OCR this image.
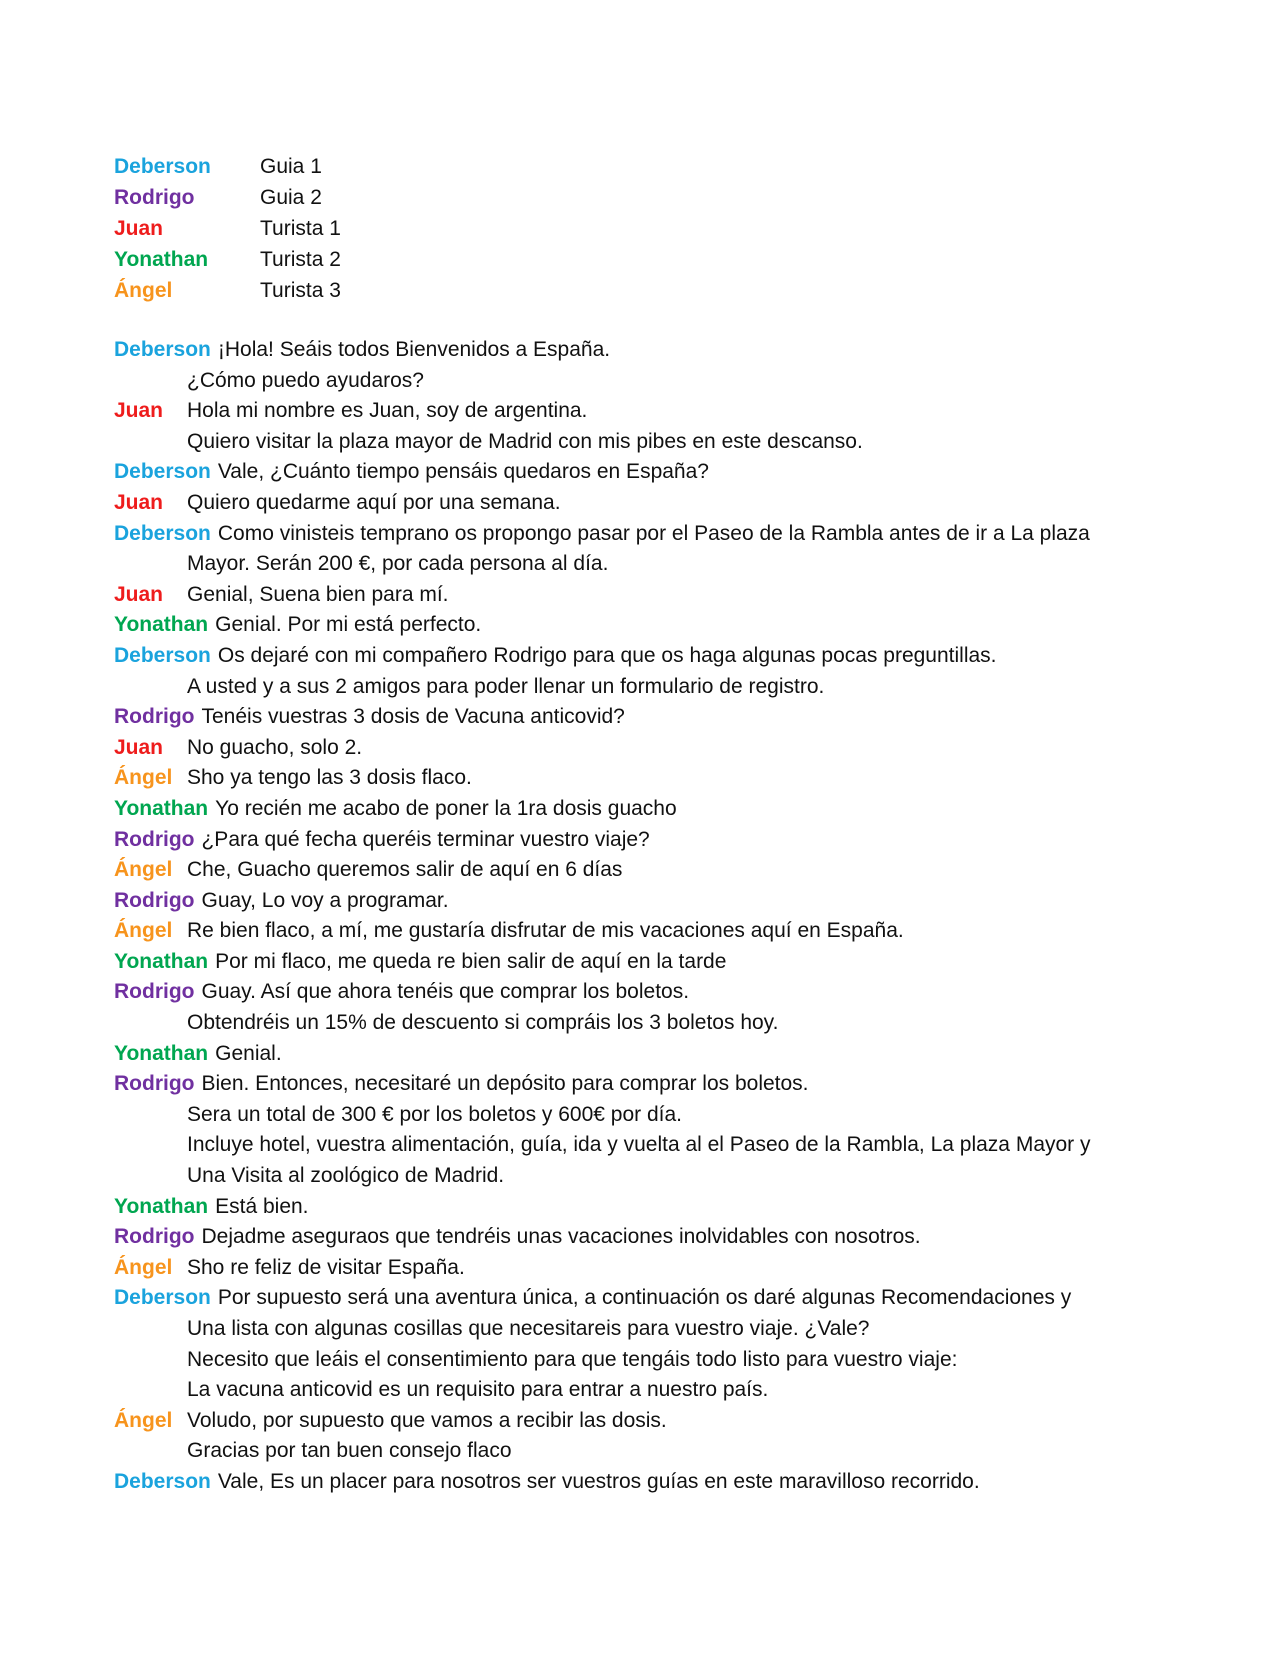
Deberson	Guia 1
Rodrigo	Guia 2
Juan	Turista 1
Yonathan	Turista 2
Ángel	Turista 3
Deberson ¡Hola! Seáis todos Bienvenidos a España.
¿Cómo puedo ayudaros?
Juan Hola mi nombre es Juan, soy de argentina.
Quiero visitar la plaza mayor de Madrid con mis pibes en este descanso.
Deberson Vale, ¿Cuánto tiempo pensáis quedaros en España?
Juan Quiero quedarme aquí por una semana.
Deberson Como vinisteis temprano os propongo pasar por el Paseo de la Rambla antes de ir a La plaza
Mayor. Serán 200 €, por cada persona al día.
Juan Genial, Suena bien para mí.
Yonathan Genial. Por mi está perfecto.
Deberson Os dejaré con mi compañero Rodrigo para que os haga algunas pocas preguntillas.
A usted y a sus 2 amigos para poder llenar un formulario de registro.
Rodrigo Tenéis vuestras 3 dosis de Vacuna anticovid?
Juan No guacho, solo 2.
Ángel Sho ya tengo las 3 dosis flaco.
Yonathan Yo recién me acabo de poner la 1ra dosis guacho
Rodrigo ¿Para qué fecha queréis terminar vuestro viaje?
Ángel Che, Guacho queremos salir de aquí en 6 días
Rodrigo Guay, Lo voy a programar.
Ángel Re bien flaco, a mí, me gustaría disfrutar de mis vacaciones aquí en España.
Yonathan Por mi flaco, me queda re bien salir de aquí en la tarde
Rodrigo Guay. Así que ahora tenéis que comprar los boletos.
Obtendréis un 15% de descuento si compráis los 3 boletos hoy.
Yonathan Genial.
Rodrigo Bien. Entonces, necesitaré un depósito para comprar los boletos.
Sera un total de 300 € por los boletos y 600€ por día.
Incluye hotel, vuestra alimentación, guía, ida y vuelta al el Paseo de la Rambla, La plaza Mayor y
Una Visita al zoológico de Madrid.
Yonathan Está bien.
Rodrigo Dejadme aseguraos que tendréis unas vacaciones inolvidables con nosotros.
Ángel Sho re feliz de visitar España.
Deberson Por supuesto será una aventura única, a continuación os daré algunas Recomendaciones y
Una lista con algunas cosillas que necesitareis para vuestro viaje. ¿Vale?
Necesito que leáis el consentimiento para que tengáis todo listo para vuestro viaje:
La vacuna anticovid es un requisito para entrar a nuestro país.
Ángel Voludo, por supuesto que vamos a recibir las dosis.
Gracias por tan buen consejo flaco
Deberson Vale, Es un placer para nosotros ser vuestros guías en este maravilloso recorrido.
